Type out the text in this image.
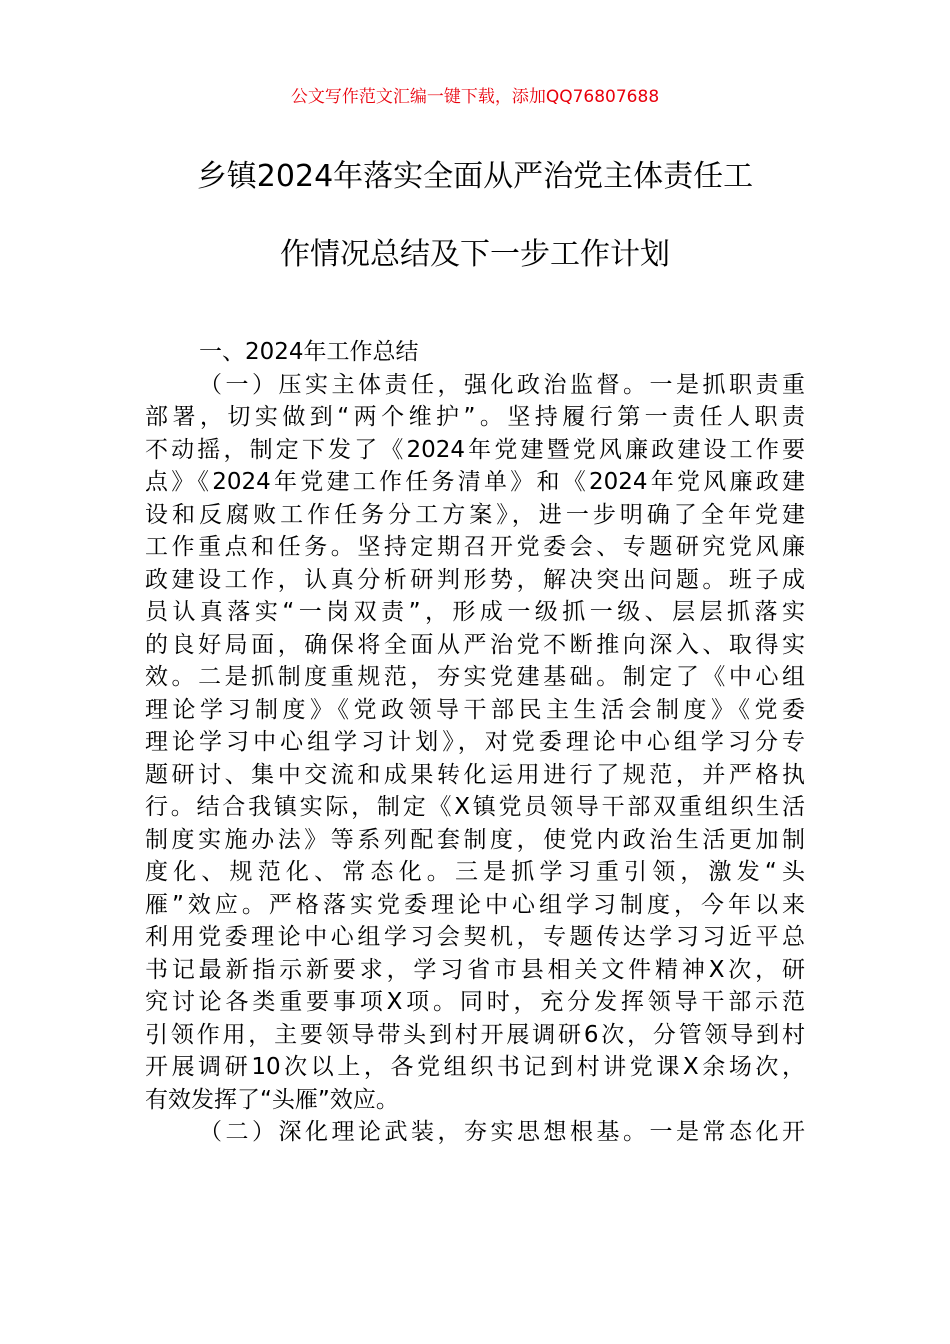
公文写作范文汇编一键下载，添加QQ76807688
乡镇2024年落实全面从严治党主体责任工
作情况总结及下一步工作计划
一、2024年工作总结
（一）压实主体责任，强化政治监督。一是抓职责重
部署，切实做到“两个维护”。坚持履行第一责任人职责
不动摇，制定下发了《2024年党建暨党风廉政建设工作要
点》《2024年党建工作任务清单》和《2024年党风廉政建
设和反腐败工作任务分工方案》，进一步明确了全年党建
工作重点和任务。坚持定期召开党委会、专题研究党风廉
政建设工作，认真分析研判形势，解决突出问题。班子成
员认真落实“一岗双责”，形成一级抓一级、层层抓落实
的良好局面，确保将全面从严治党不断推向深入、取得实
效。二是抓制度重规范，夯实党建基础。制定了《中心组
理论学习制度》《党政领导干部民主生活会制度》《党委
理论学习中心组学习计划》，对党委理论中心组学习分专
题研讨、集中交流和成果转化运用进行了规范，并严格执
行。结合我镇实际，制定《X镇党员领导干部双重组织生活
制度实施办法》等系列配套制度，使党内政治生活更加制
度化、规范化、常态化。三是抓学习重引领，激发“头
雁”效应。严格落实党委理论中心组学习制度，今年以来
利用党委理论中心组学习会契机，专题传达学习习近平总
书记最新指示新要求，学习省市县相关文件精神X次，研
究讨论各类重要事项X项。同时，充分发挥领导干部示范
引领作用，主要领导带头到村开展调研6次，分管领导到村
开展调研10次以上，各党组织书记到村讲党课X余场次，
有效发挥了“头雁”效应。
（二）深化理论武装，夯实思想根基。一是常态化开
